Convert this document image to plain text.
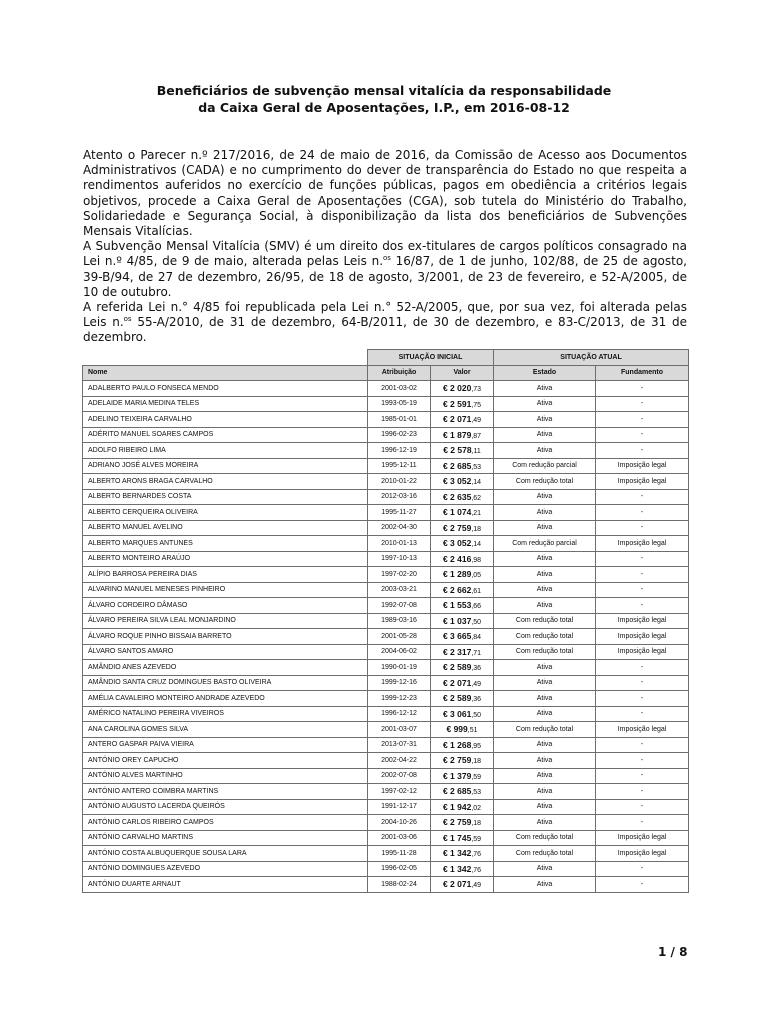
Beneficiários de subvenção mensal vitalícia da responsabilidade
da Caixa Geral de Aposentações, I.P., em 2016-08-12

Atento o Parecer n.º 217/2016, de 24 de maio de 2016, da Comissão de Acesso aos Documentos Administrativos (CADA) e no cumprimento do dever de transparência do Estado no que respeita a rendimentos auferidos no exercício de funções públicas, pagos em obediência a critérios legais objetivos, procede a Caixa Geral de Aposentações (CGA), sob tutela do Ministério do Trabalho, Solidariedade e Segurança Social, à disponibilização da lista dos beneficiários de Subvenções Mensais Vitalícias.

A Subvenção Mensal Vitalícia (SMV) é um direito dos ex-titulares de cargos políticos consagrado na Lei n.º 4/85, de 9 de maio, alterada pelas Leis n.$^{os}$ 16/87, de 1 de junho, 102/88, de 25 de agosto, 39-B/94, de 27 de dezembro, 26/95, de 18 de agosto, 3/2001, de 23 de fevereiro, e 52-A/2005, de 10 de outubro.

A referida Lei n.° 4/85 foi republicada pela Lei n.° 52-A/2005, que, por sua vez, foi alterada pelas Leis n.$^{os}$ 55-A/2010, de 31 de dezembro, 64-B/2011, de 30 de dezembro, e 83-C/2013, de 31 de dezembro.

	SITUAÇÃO INICIAL		SITUAÇÃO ATUAL	
Nome	Atribuição	Valor	Estado	Fundamento
ADALBERTO PAULO FONSECA MENDO	2001-03-02	€ 2 020,73	Ativa	-
ADELAIDE MARIA MEDINA TELES	1993-05-19	€ 2 591,75	Ativa	-
ADELINO TEIXEIRA CARVALHO	1985-01-01	€ 2 071,49	Ativa	-
ADÉRITO MANUEL SOARES CAMPOS	1996-02-23	€ 1 879,87	Ativa	-
ADOLFO RIBEIRO LIMA	1996-12-19	€ 2 578,11	Ativa	-
ADRIANO JOSÉ ALVES MOREIRA	1995-12-11	€ 2 685,53	Com redução parcial	Imposição legal
ALBERTO ARONS BRAGA CARVALHO	2010-01-22	€ 3 052,14	Com redução total	Imposição legal
ALBERTO BERNARDES COSTA	2012-03-16	€ 2 635,62	Ativa	-
ALBERTO CERQUEIRA OLIVEIRA	1995-11-27	€ 1 074,21	Ativa	-
ALBERTO MANUEL AVELINO	2002-04-30	€ 2 759,18	Ativa	-
ALBERTO MARQUES ANTUNES	2010-01-13	€ 3 052,14	Com redução parcial	Imposição legal
ALBERTO MONTEIRO ARAÚJO	1997-10-13	€ 2 416,98	Ativa	-
ALÍPIO BARROSA PEREIRA DIAS	1997-02-20	€ 1 289,05	Ativa	-
ALVARINO MANUEL MENESES PINHEIRO	2003-03-21	€ 2 662,61	Ativa	-
ÁLVARO CORDEIRO DÂMASO	1992-07-08	€ 1 553,66	Ativa	-
ÁLVARO PEREIRA SILVA LEAL MONJARDINO	1989-03-16	€ 1 037,50	Com redução total	Imposição legal
ÁLVARO ROQUE PINHO BISSAIA BARRETO	2001-05-28	€ 3 665,84	Com redução total	Imposição legal
ÁLVARO SANTOS AMARO	2004-06-02	€ 2 317,71	Com redução total	Imposição legal
AMÂNDIO ANES AZEVEDO	1990-01-19	€ 2 589,36	Ativa	-
AMÂNDIO SANTA CRUZ DOMINGUES BASTO OLIVEIRA	1999-12-16	€ 2 071,49	Ativa	-
AMÉLIA CAVALEIRO MONTEIRO ANDRADE AZEVEDO	1999-12-23	€ 2 589,36	Ativa	-
AMÉRICO NATALINO PEREIRA VIVEIROS	1996-12-12	€ 3 061,50	Ativa	-
ANA CAROLINA GOMES SILVA	2001-03-07	€ 999,51	Com redução total	Imposição legal
ANTERO GASPAR PAIVA VIEIRA	2013-07-31	€ 1 268,95	Ativa	-
ANTÓNIO OREY CAPUCHO	2002-04-22	€ 2 759,18	Ativa	-
ANTÓNIO ALVES MARTINHO	2002-07-08	€ 1 379,59	Ativa	-
ANTÓNIO ANTERO COIMBRA MARTINS	1997-02-12	€ 2 685,53	Ativa	-
ANTÓNIO AUGUSTO LACERDA QUEIRÓS	1991-12-17	€ 1 942,02	Ativa	-
ANTÓNIO CARLOS RIBEIRO CAMPOS	2004-10-26	€ 2 759,18	Ativa	-
ANTÓNIO CARVALHO MARTINS	2001-03-06	€ 1 745,59	Com redução total	Imposição legal
ANTÓNIO COSTA ALBUQUERQUE SOUSA LARA	1995-11-28	€ 1 342,76	Com redução total	Imposição legal
ANTÓNIO DOMINGUES AZEVEDO	1996-02-05	€ 1 342,76	Ativa	-
ANTÓNIO DUARTE ARNAUT	1988-02-24	€ 2 071,49	Ativa	-
1 / 8
